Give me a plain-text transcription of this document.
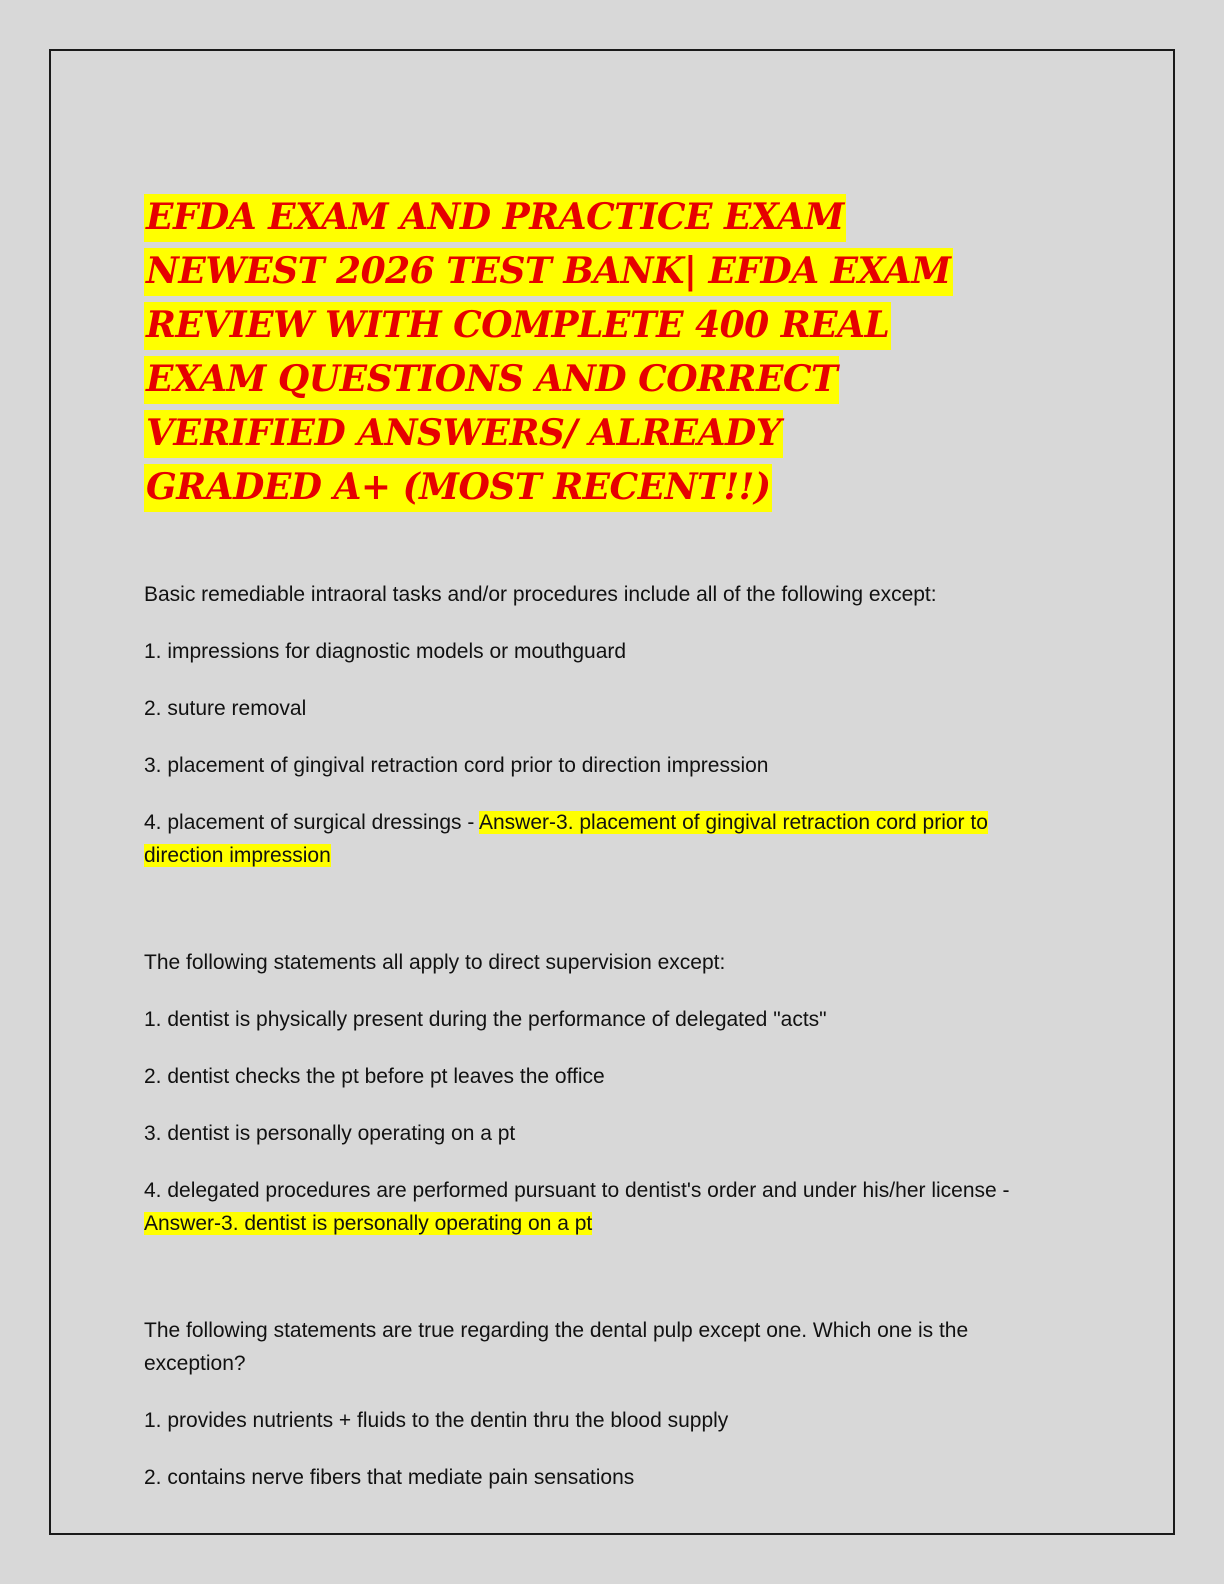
EFDA EXAM AND PRACTICE EXAM
NEWEST 2026 TEST BANK| EFDA EXAM
REVIEW WITH COMPLETE 400 REAL
EXAM QUESTIONS AND CORRECT
VERIFIED ANSWERS/ ALREADY
GRADED A+ (MOST RECENT!!)

Basic remediable intraoral tasks and/or procedures include all of the following except:

1. impressions for diagnostic models or mouthguard

2. suture removal

3. placement of gingival retraction cord prior to direction impression

4. placement of surgical dressings - Answer-3. placement of gingival retraction cord prior to direction impression

The following statements all apply to direct supervision except:

1. dentist is physically present during the performance of delegated "acts"

2. dentist checks the pt before pt leaves the office

3. dentist is personally operating on a pt

4. delegated procedures are performed pursuant to dentist's order and under his/her license - Answer-3. dentist is personally operating on a pt

The following statements are true regarding the dental pulp except one. Which one is the exception?

1. provides nutrients + fluids to the dentin thru the blood supply

2. contains nerve fibers that mediate pain sensations
